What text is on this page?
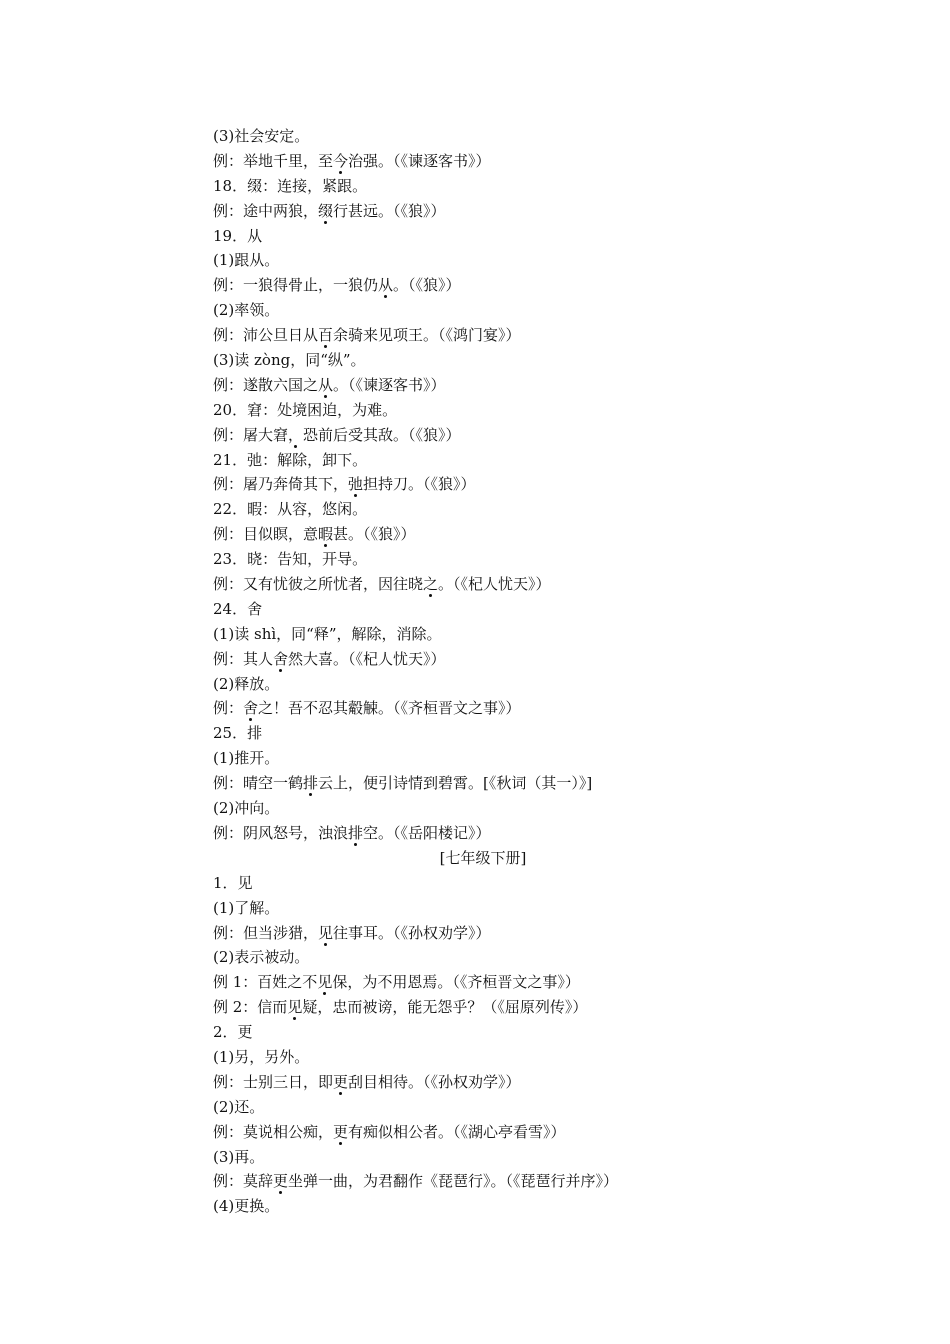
(3)社会安定。
例：举地千里，至今治强。（《谏逐客书》）
18．缀：连接，紧跟。
例：途中两狼，缀行甚远。（《狼》）
19．从
(1)跟从。
例：一狼得骨止，一狼仍从。（《狼》）
(2)率领。
例：沛公旦日从百余骑来见项王。（《鸿门宴》）
(3)读 zòng，同“纵”。
例：遂散六国之从。（《谏逐客书》）
20．窘：处境困迫，为难。
例：屠大窘，恐前后受其敌。（《狼》）
21．弛：解除，卸下。
例：屠乃奔倚其下，弛担持刀。（《狼》）
22．暇：从容，悠闲。
例：目似瞑，意暇甚。（《狼》）
23．晓：告知，开导。
例：又有忧彼之所忧者，因往晓之。（《杞人忧天》）
24．舍
(1)读 shì，同“释”，解除，消除。
例：其人舍然大喜。（《杞人忧天》）
(2)释放。
例：舍之！吾不忍其觳觫。（《齐桓晋文之事》）
25．排
(1)推开。
例：晴空一鹤排云上，便引诗情到碧霄。[《秋词（其一）》]
(2)冲向。
例：阴风怒号，浊浪排空。（《岳阳楼记》）
[七年级下册]
1．见
(1)了解。
例：但当涉猎，见往事耳。（《孙权劝学》）
(2)表示被动。
例 1：百姓之不见保，为不用恩焉。（《齐桓晋文之事》）
例 2：信而见疑，忠而被谤，能无怨乎？（《屈原列传》）
2．更
(1)另，另外。
例：士别三日，即更刮目相待。（《孙权劝学》）
(2)还。
例：莫说相公痴，更有痴似相公者。（《湖心亭看雪》）
(3)再。
例：莫辞更坐弹一曲，为君翻作《琵琶行》。（《琵琶行并序》）
(4)更换。
